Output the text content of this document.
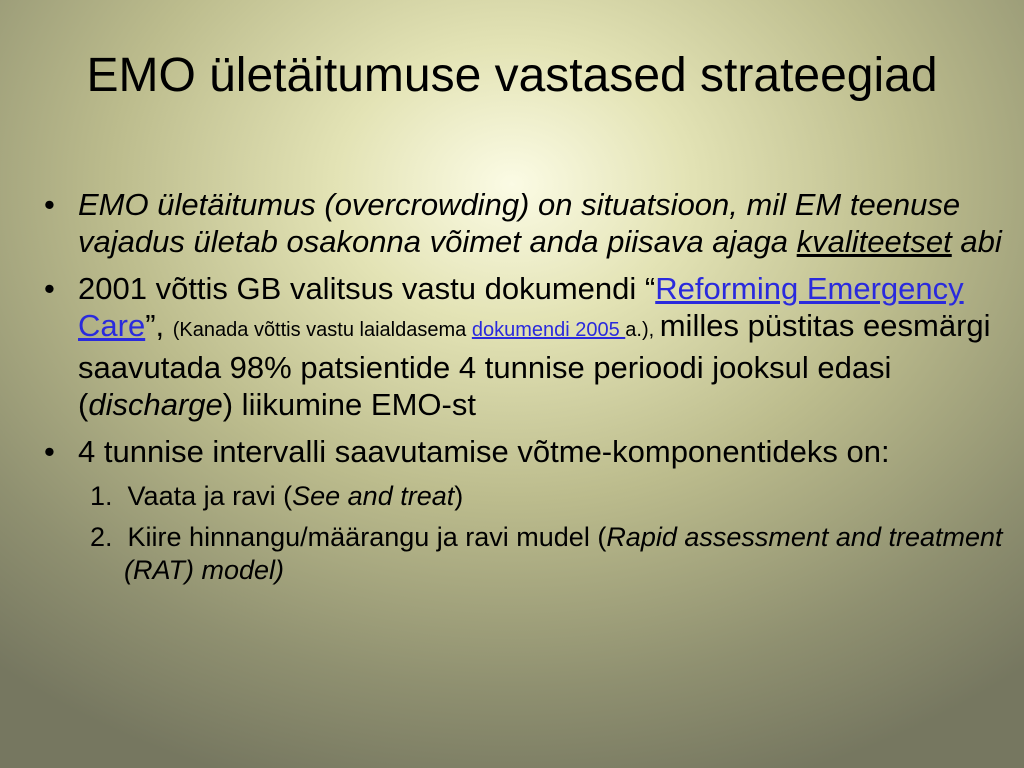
EMO ületäitumuse vastased strateegiad
• EMO ületäitumus (overcrowding) on situatsioon, mil EM teenuse vajadus ületab osakonna võimet anda piisava ajaga kvaliteetset abi
• 2001 võttis GB valitsus vastu dokumendi “Reforming Emergency Care”, (Kanada võttis vastu laialdasema dokumendi 2005 a.), milles püstitas eesmärgi saavutada 98% patsientide 4 tunnise perioodi jooksul edasi (discharge) liikumine EMO-st
• 4 tunnise intervalli saavutamise võtme-komponentideks on:
1. Vaata ja ravi (See and treat)
2. Kiire hinnangu/määrangu ja ravi mudel (Rapid assessment and treatment (RAT) model)
